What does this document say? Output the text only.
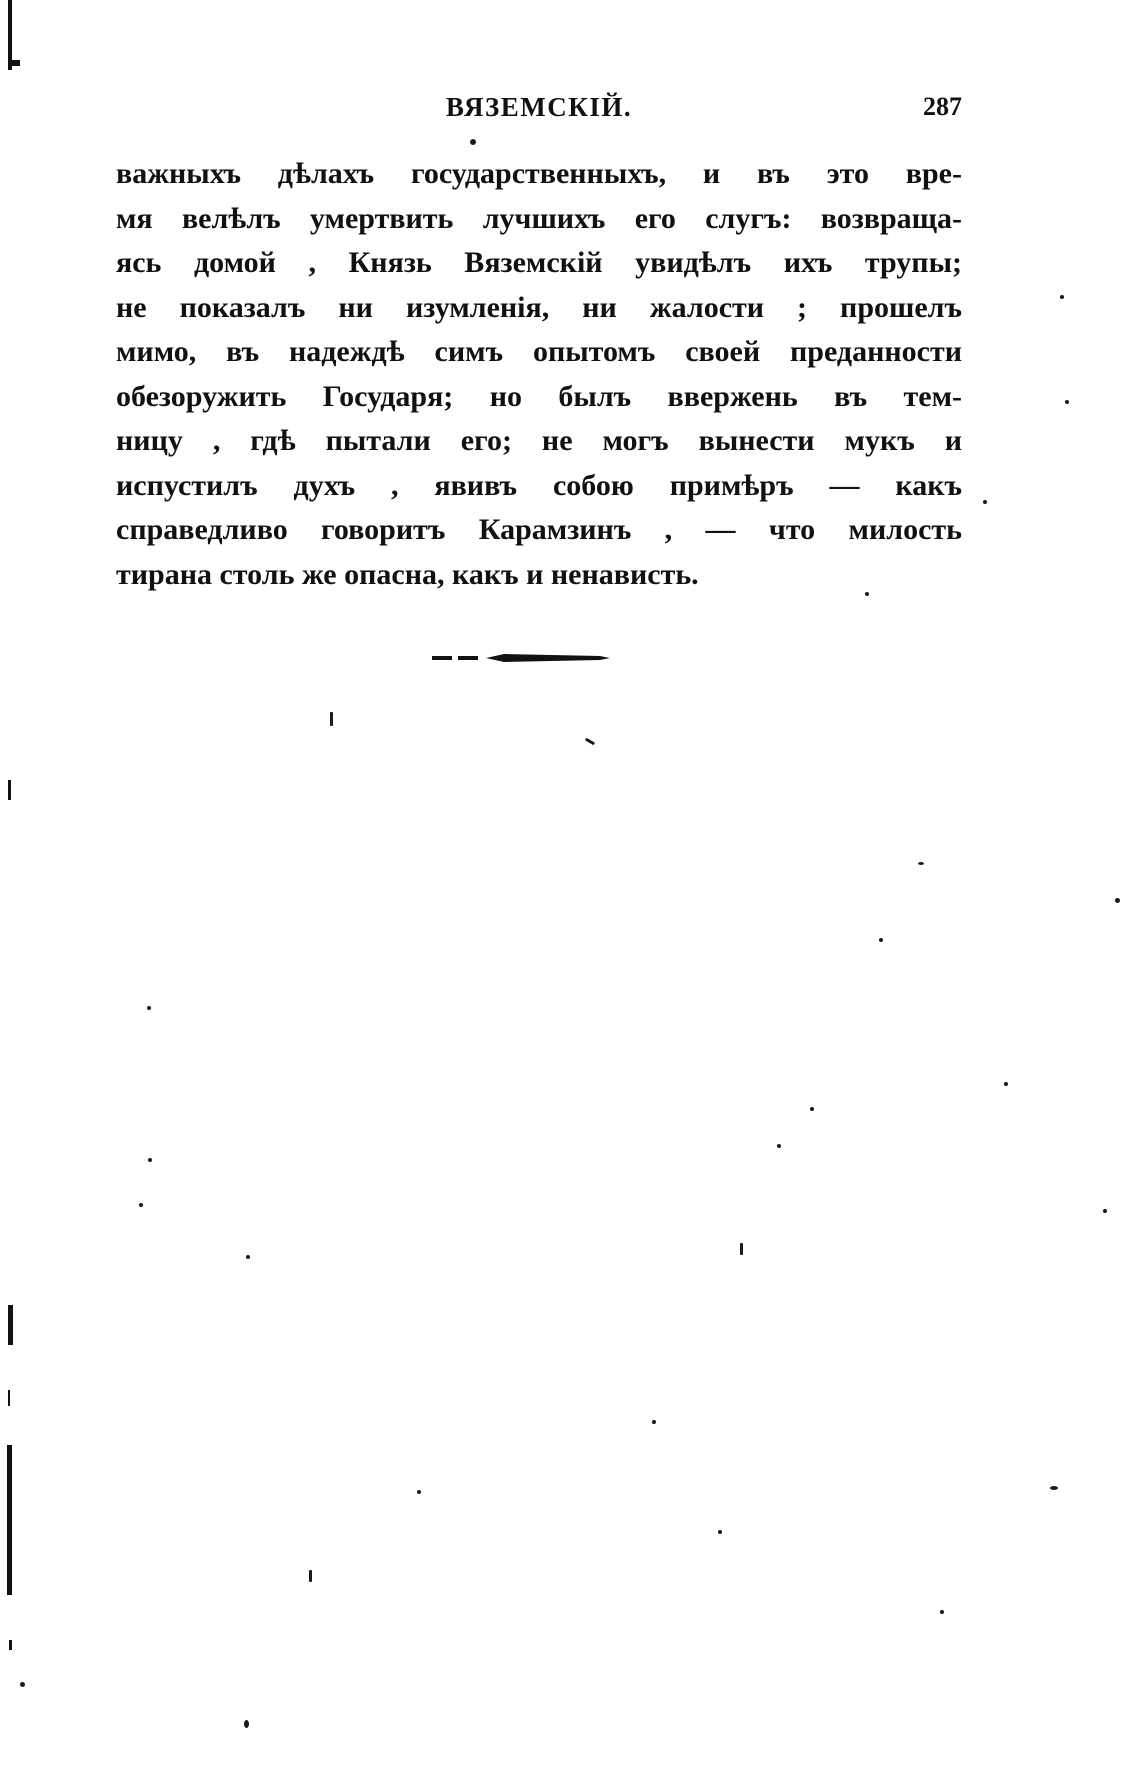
ВЯЗЕМСКІЙ.	287
важныхъ дѣлахъ государственныхъ, и въ это вре-
мя велѣлъ умертвить лучшихъ его слугъ: возвраща-
ясь домой , Князь Вяземскій увидѣлъ ихъ трупы;
не показалъ ни изумленія, ни жалости ; прошелъ
мимо, въ надеждѣ симъ опытомъ своей преданности
обезоружить Государя; но былъ ввержень въ тем-
ницу , гдѣ пытали его; не могъ вынести мукъ и
испустилъ духъ , явивъ собою примѣръ — какъ
справедливо говоритъ Карамзинъ , — что милость
тирана столь же опасна, какъ и ненависть.
